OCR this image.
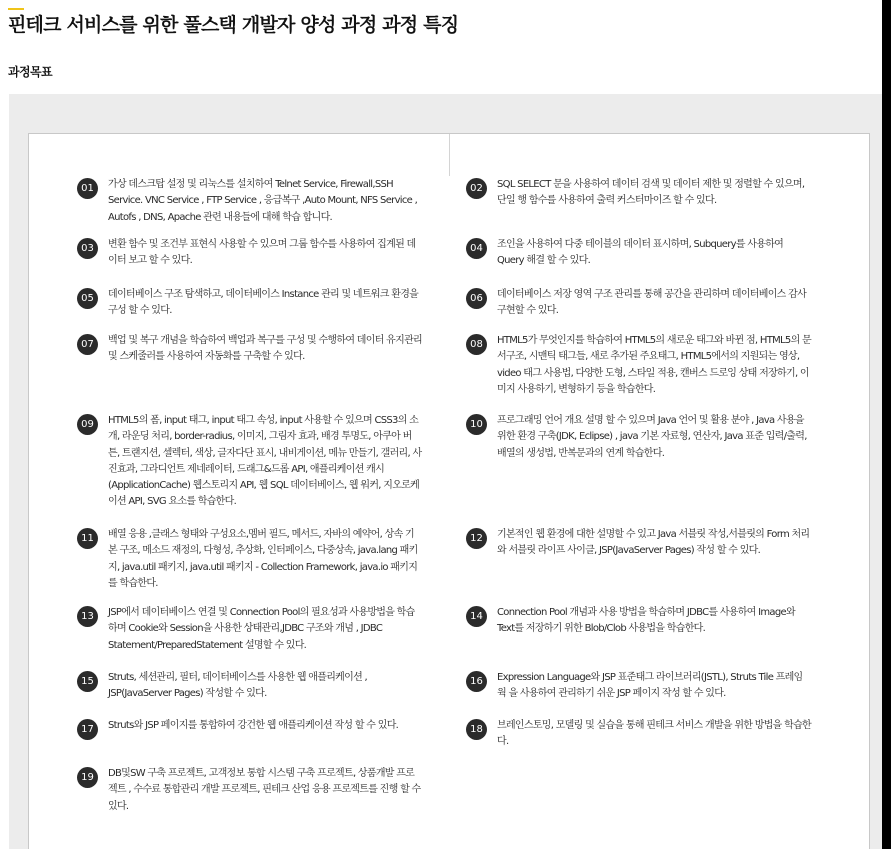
핀테크 서비스를 위한 풀스택 개발자 양성 과정 과정 특징
과정목표
01	가상 데스크탑 설정 및 리눅스를 설치하여 Telnet Service, Firewall,SSH Service. VNC Service , FTP Service , 응급복구 ,Auto Mount, NFS Service , Autofs , DNS, Apache 관련 내용들에 대해 학습 합니다.

02	SQL SELECT 문을 사용하여 데이터 검색 및 데이터 제한 및 정렬할 수 있으며, 단일 행 함수를 사용하여 출력 커스터마이즈 할 수 있다.

03	변환 함수 및 조건부 표현식 사용할 수 있으며 그룹 함수를 사용하여 집계된 데이터 보고 할 수 있다.

04	조인을 사용하여 다중 테이블의 데이터 표시하며, Subquery를 사용하여 Query 해결 할 수 있다.

05	데이터베이스 구조 탐색하고, 데이터베이스 Instance 관리 및 네트워크 환경을 구성 할 수 있다.

06	데이터베이스 저장 영역 구조 관리를 통해 공간을 관리하며 데이터베이스 감사 구현할 수 있다.

07	백업 및 복구 개념을 학습하여 백업과 복구를 구성 및 수행하여 데이터 유지관리 및 스케줄러를 사용하여 자동화를 구축할 수 있다.

08	HTML5가 무엇인지를 학습하여 HTML5의 새로운 태그와 바뀐 점, HTML5의 문서구조, 시맨틱 태그들, 새로 추가된 주요태그, HTML5에서의 지원되는 영상, video 태그 사용법, 다양한 도형, 스타일 적용, 캔버스 드로잉 상태 저장하기, 이미지 사용하기, 변형하기 등을 학습한다.

09	HTML5의 폼, input 태그, input 태그 속성, input 사용할 수 있으며 CSS3의 소개, 라운딩 처리, border-radius, 이미지, 그림자 효과, 배경 투명도, 아쿠아 버튼, 트랜지션, 셀렉터, 색상, 글자다단 표시, 내비게이션, 메뉴 만들기, 갤러리, 사진효과, 그라디언트 제네레이터, 드래그&드롭 API, 애플리케이션 캐시(ApplicationCache) 웹스토리지 API, 웹 SQL 데이터베이스, 웹 워커, 지오로케이션 API, SVG 요소를 학습한다.

10	프로그래밍 언어 개요 설명 할 수 있으며 Java 언어 및 활용 분야 , Java 사용을 위한 환경 구축(JDK, Eclipse) , java 기본 자료형, 연산자, Java 표준 입력/출력, 배열의 생성법, 반복문과의 연계 학습한다.

11	배열 응용 ,클래스 형태와 구성요소,멤버 필드, 메서드, 자바의 예약어, 상속 기본 구조, 메소드 재정의, 다형성, 추상화, 인터페이스, 다중상속, java.lang 패키지, java.util 패키지, java.util 패키지 - Collection Framework, java.io 패키지를 학습한다.

12	기본적인 웹 환경에 대한 설명할 수 있고 Java 서블릿 작성,서블릿의 Form 처리와 서블릿 라이프 사이클, JSP(JavaServer Pages) 작성 할 수 있다.

13	JSP에서 데이터베이스 연결 및 Connection Pool의 필요성과 사용방법을 학습하며 Cookie와 Session을 사용한 상태관리,JDBC 구조와 개념 , JDBC Statement/PreparedStatement 설명할 수 있다.

14	Connection Pool 개념과 사용 방법을 학습하며 JDBC를 사용하여 Image와 Text를 저장하기 위한 Blob/Clob 사용법을 학습한다.

15	Struts, 세션관리, 필터, 데이터베이스를 사용한 웹 애플리케이션 , JSP(JavaServer Pages) 작성할 수 있다.

16	Expression Language와 JSP 표준태그 라이브러리(JSTL), Struts Tile 프레임웍 을 사용하여 관리하기 쉬운 JSP 페이지 작성 할 수 있다.

17	Struts와 JSP 페이지를 통합하여 강건한 웹 애플리케이션 작성 할 수 있다.	18	브레인스토밍, 모델링 및 실습을 통해 핀테크 서비스 개발을 위한 방법을 학습한다.

19	DB및SW 구축 프로젝트, 고객정보 통합 시스템 구축 프로젝트, 상품개발 프로젝트 , 수수료 통합관리 개발 프로젝트, 핀테크 산업 응용 프로젝트를 진행 할 수 있다.
